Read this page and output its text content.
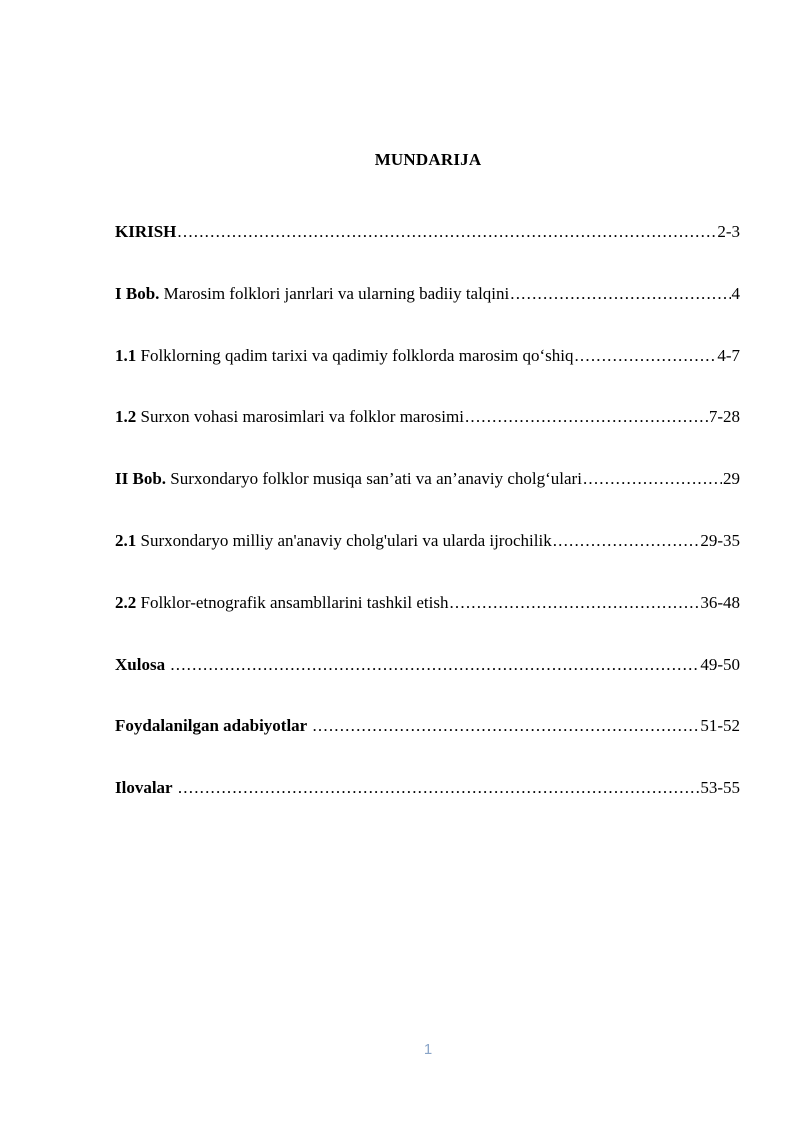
MUNDARIJA
KIRISH .....	2-3
I Bob. Marosim folklori janrlari va ularning badiiy talqini .....	4
1.1 Folklorning qadim tarixi va qadimiy folklorda marosim qo‘shiq .....	4-7
1.2 Surxon vohasi marosimlari va folklor marosimi .....	7-28
II Bob. Surxondaryo folklor musiqa san’ati va an’anaviy cholg‘ulari .....	29
2.1 Surxondaryo milliy an'anaviy cholg'ulari va ularda ijrochilik .....	29-35
2.2 Folklor-etnografik ansambllarini tashkil etish .....	36-48
Xulosa .....	49-50
Foydalanilgan adabiyotlar .....	51-52
Ilovalar .....	53-55
1
